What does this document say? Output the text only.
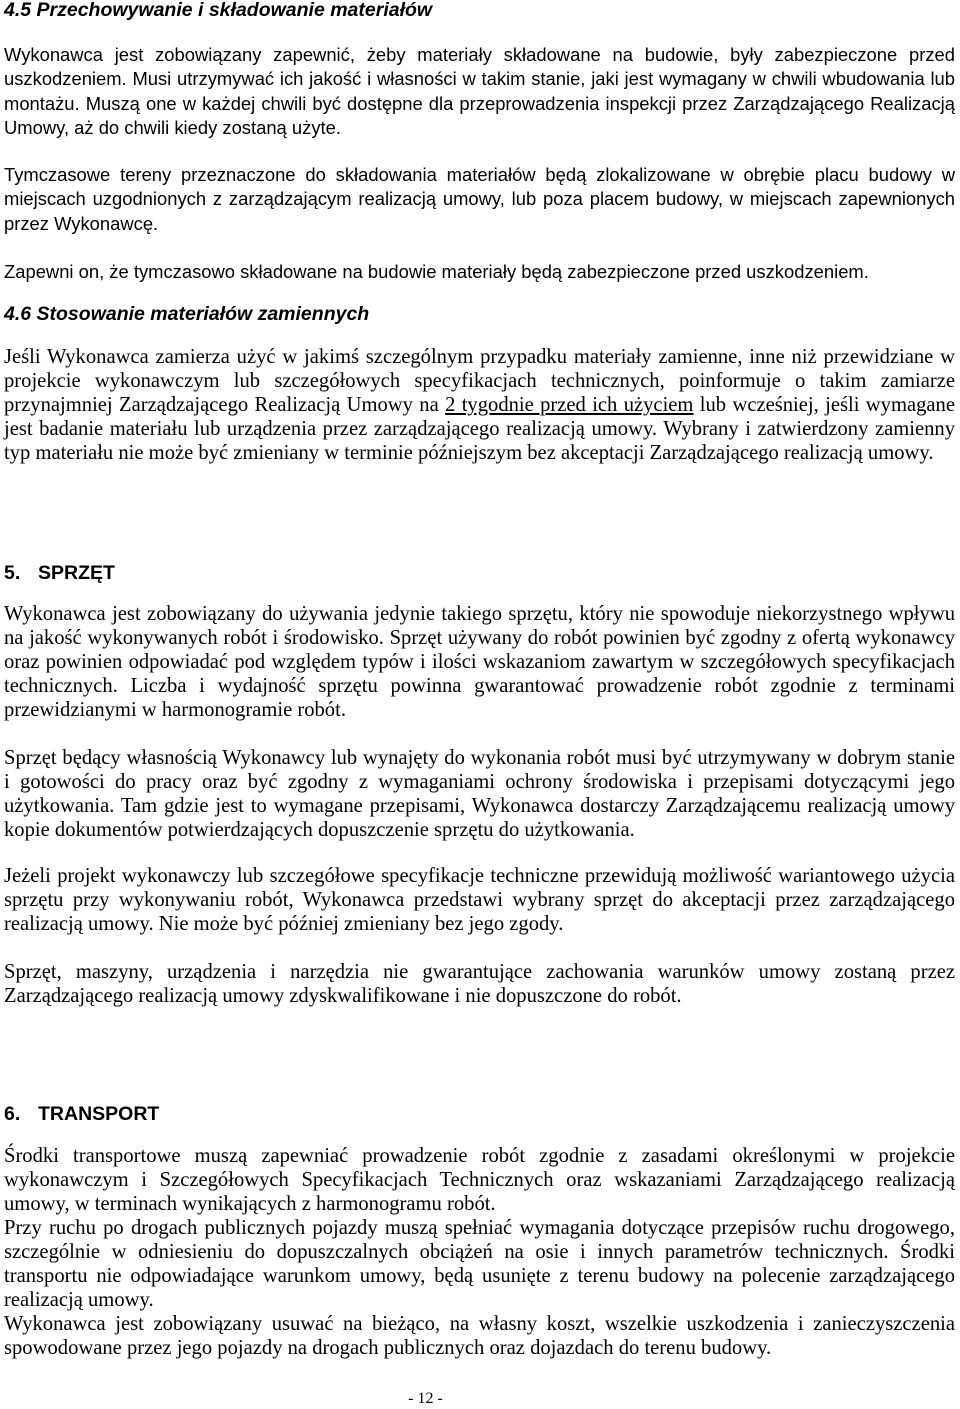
4.5 Przechowywanie i składowanie materiałów

Wykonawca jest zobowiązany zapewnić, żeby materiały składowane na budowie, były zabezpieczone przed uszkodzeniem. Musi utrzymywać ich jakość i własności w takim stanie, jaki jest wymagany w chwili wbudowania lub montażu. Muszą one w każdej chwili być dostępne dla przeprowadzenia inspekcji przez Zarządzającego Realizacją Umowy, aż do chwili kiedy zostaną użyte.

Tymczasowe tereny przeznaczone do składowania materiałów będą zlokalizowane w obrębie placu budowy w miejscach uzgodnionych z zarządzającym realizacją umowy, lub poza placem budowy, w miejscach zapewnionych przez Wykonawcę.

Zapewni on, że tymczasowo składowane na budowie materiały będą zabezpieczone przed uszkodzeniem.

4.6 Stosowanie materiałów zamiennych

Jeśli Wykonawca zamierza użyć w jakimś szczególnym przypadku materiały zamienne, inne niż przewidziane w projekcie wykonawczym lub szczegółowych specyfikacjach technicznych, poinformuje o takim zamiarze przynajmniej Zarządzającego Realizacją Umowy na 2 tygodnie przed ich użyciem lub wcześniej, jeśli wymagane jest badanie materiału lub urządzenia przez zarządzającego realizacją umowy. Wybrany i zatwierdzony zamienny typ materiału nie może być zmieniany w terminie późniejszym bez akceptacji Zarządzającego realizacją umowy.

5. SPRZĘT

Wykonawca jest zobowiązany do używania jedynie takiego sprzętu, który nie spowoduje niekorzystnego wpływu na jakość wykonywanych robót i środowisko. Sprzęt używany do robót powinien być zgodny z ofertą wykonawcy oraz powinien odpowiadać pod względem typów i ilości wskazaniom zawartym w szczegółowych specyfikacjach technicznych. Liczba i wydajność sprzętu powinna gwarantować prowadzenie robót zgodnie z terminami przewidzianymi w harmonogramie robót.

Sprzęt będący własnością Wykonawcy lub wynajęty do wykonania robót musi być utrzymywany w dobrym stanie i gotowości do pracy oraz być zgodny z wymaganiami ochrony środowiska i przepisami dotyczącymi jego użytkowania. Tam gdzie jest to wymagane przepisami, Wykonawca dostarczy Zarządzającemu realizacją umowy kopie dokumentów potwierdzających dopuszczenie sprzętu do użytkowania.

Jeżeli projekt wykonawczy lub szczegółowe specyfikacje techniczne przewidują możliwość wariantowego użycia sprzętu przy wykonywaniu robót, Wykonawca przedstawi wybrany sprzęt do akceptacji przez zarządzającego realizacją umowy. Nie może być później zmieniany bez jego zgody.

Sprzęt, maszyny, urządzenia i narzędzia nie gwarantujące zachowania warunków umowy zostaną przez Zarządzającego realizacją umowy zdyskwalifikowane i nie dopuszczone do robót.

6. TRANSPORT

Środki transportowe muszą zapewniać prowadzenie robót zgodnie z zasadami określonymi w projekcie wykonawczym i Szczegółowych Specyfikacjach Technicznych oraz wskazaniami Zarządzającego realizacją umowy, w terminach wynikających z harmonogramu robót.

Przy ruchu po drogach publicznych pojazdy muszą spełniać wymagania dotyczące przepisów ruchu drogowego, szczególnie w odniesieniu do dopuszczalnych obciążeń na osie i innych parametrów technicznych. Środki transportu nie odpowiadające warunkom umowy, będą usunięte z terenu budowy na polecenie zarządzającego realizacją umowy.

Wykonawca jest zobowiązany usuwać na bieżąco, na własny koszt, wszelkie uszkodzenia i zanieczyszczenia spowodowane przez jego pojazdy na drogach publicznych oraz dojazdach do terenu budowy.

- 12 -
